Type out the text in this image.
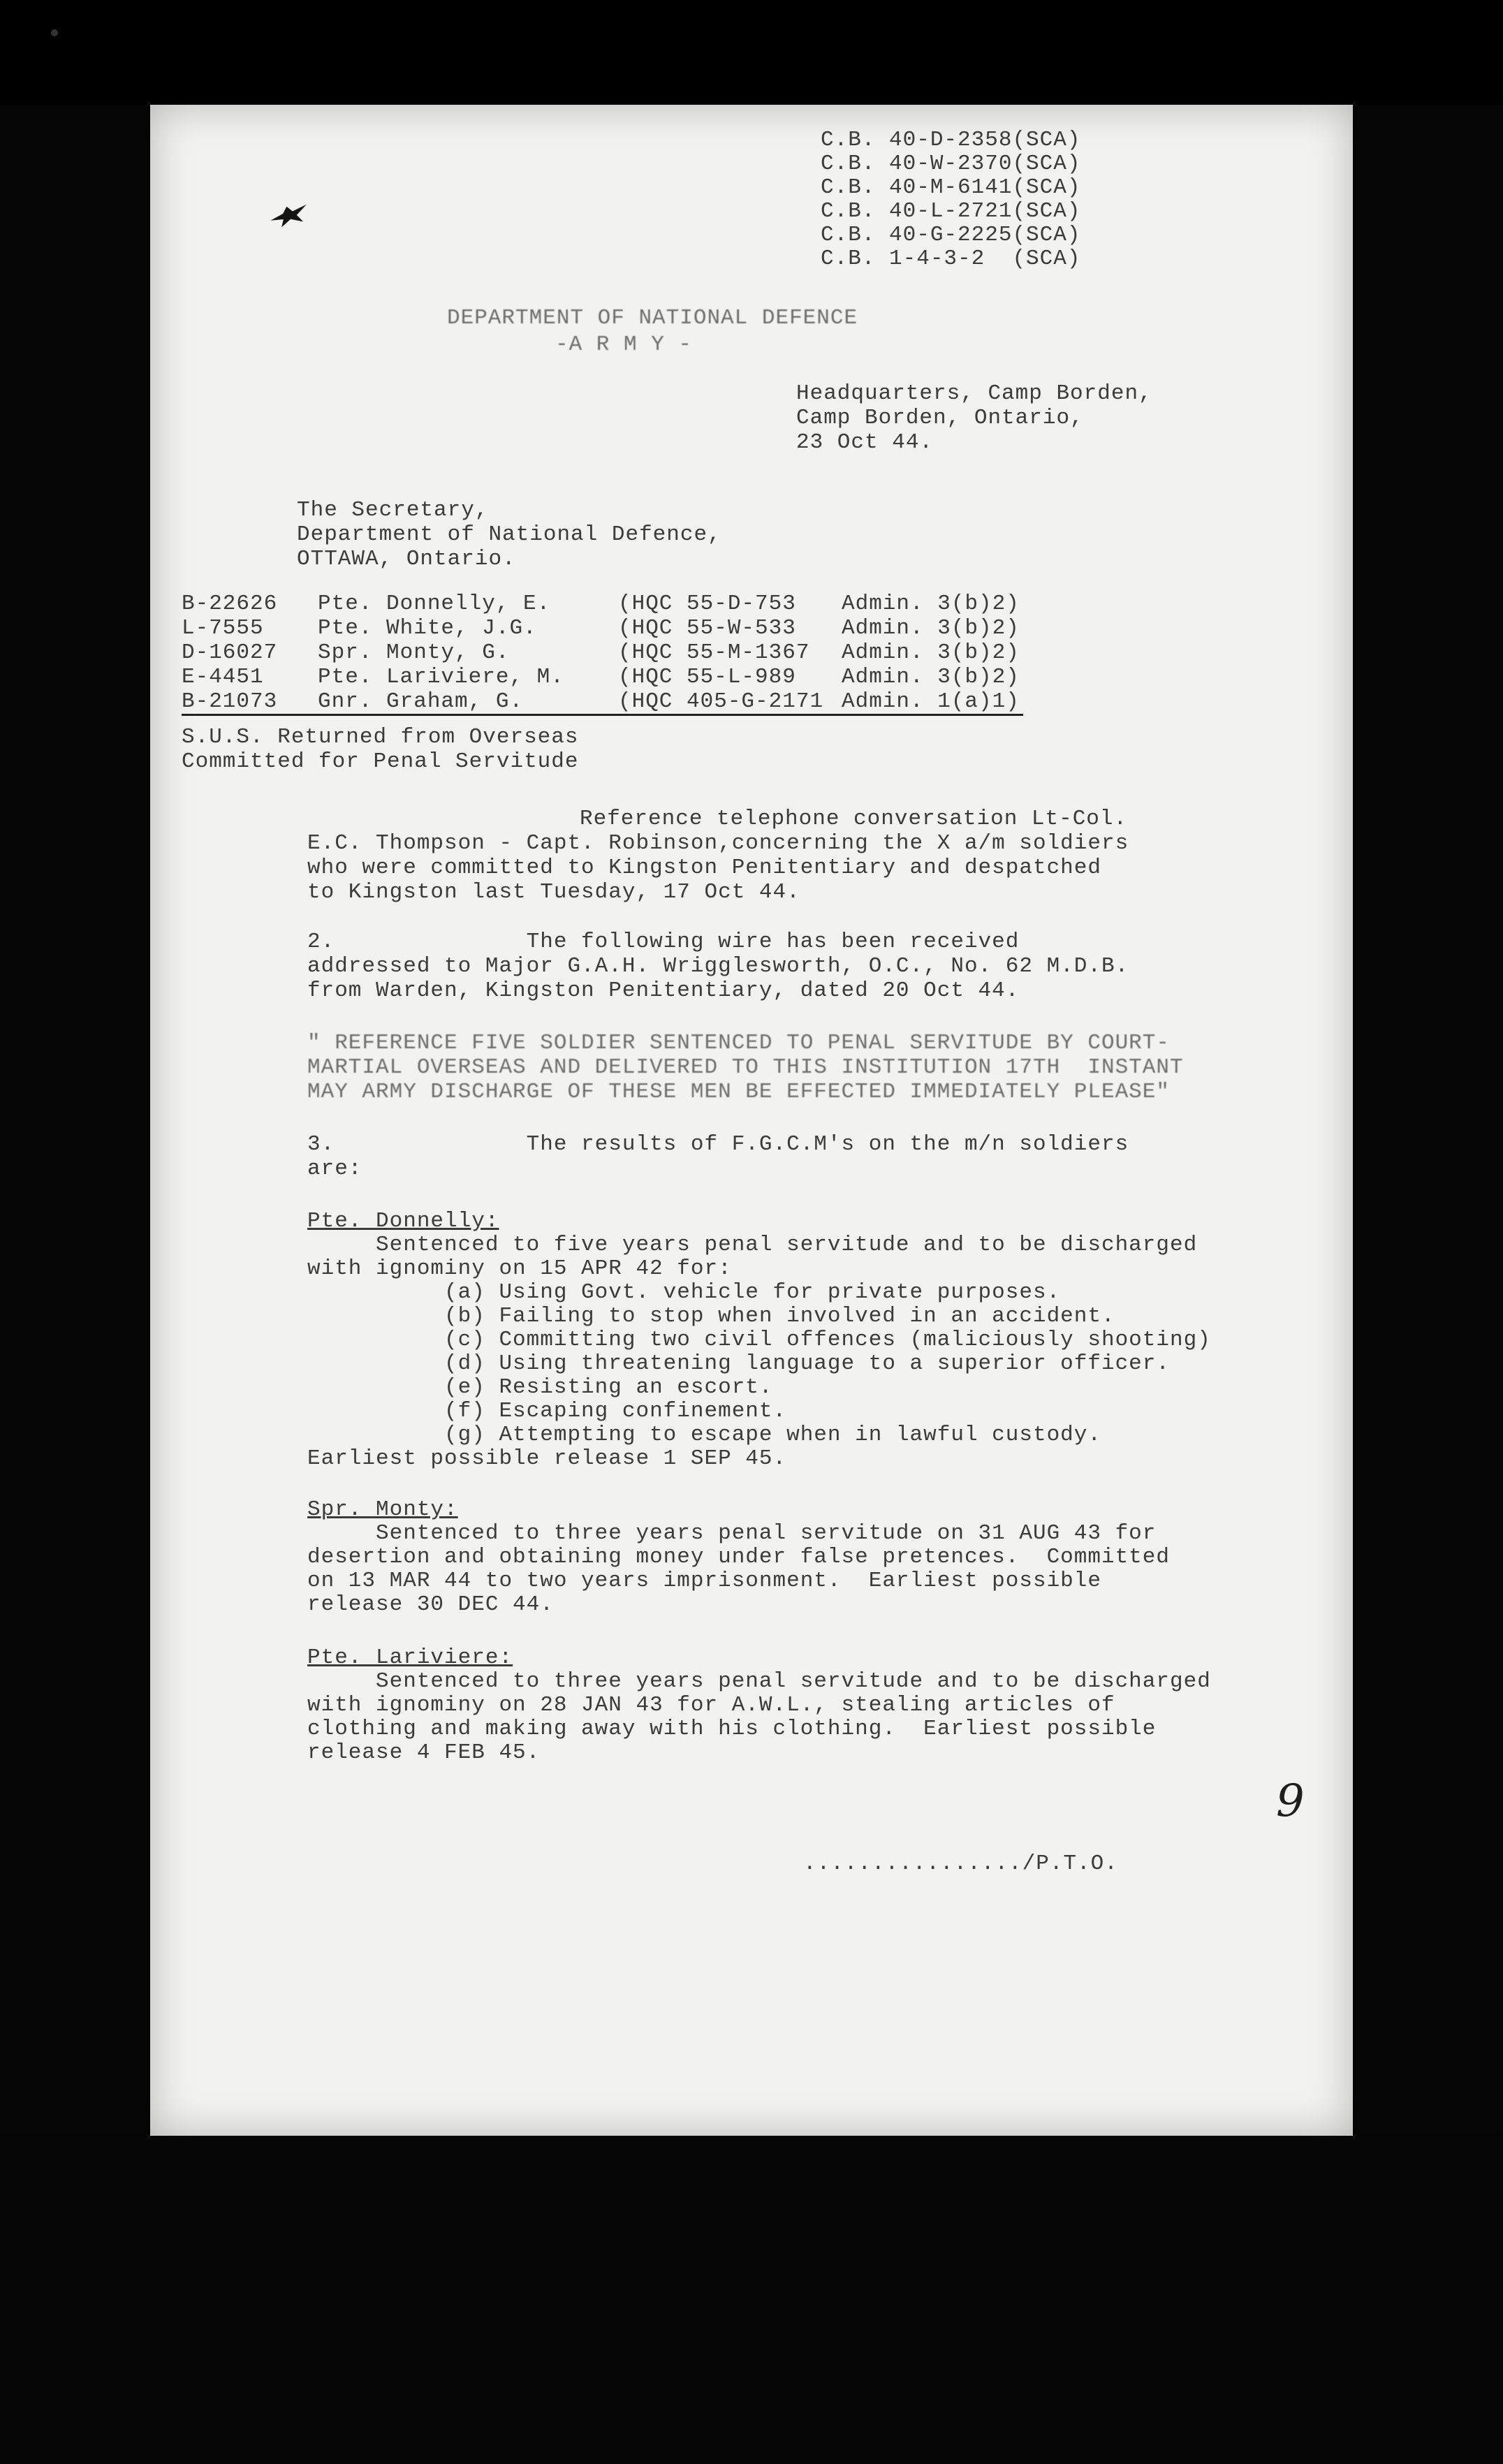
C.B. 40-D-2358(SCA)
C.B. 40-W-2370(SCA)
C.B. 40-M-6141(SCA)
C.B. 40-L-2721(SCA)
C.B. 40-G-2225(SCA)
C.B. 1-4-3-2  (SCA)
DEPARTMENT OF NATIONAL DEFENCE
-A R M Y -
Headquarters, Camp Borden,
Camp Borden, Ontario,
23 Oct 44.
The Secretary,
Department of National Defence,
OTTAWA, Ontario.
B-22626 Pte. Donnelly, E.	(HQC 55-D-753 Admin. 3(b)2)
L-7555 Pte. White, J.G.	(HQC 55-W-533 Admin. 3(b)2)
D-16027 Spr. Monty, G.	(HQC 55-M-1367 Admin. 3(b)2)
E-4451 Pte. Lariviere, M. (HQC 55-L-989 Admin. 3(b)2)
B-21073 Gnr. Graham, G.	(HQC 405-G-2171 Admin. 1(a)1)
S.U.S. Returned from Overseas
Committed for Penal Servitude
Reference telephone conversation Lt-Col.
E.C. Thompson - Capt. Robinson,concerning the X a/m soldiers
who were committed to Kingston Penitentiary and despatched
to Kingston last Tuesday, 17 Oct 44.
2.              The following wire has been received
addressed to Major G.A.H. Wrigglesworth, O.C., No. 62 M.D.B.
from Warden, Kingston Penitentiary, dated 20 Oct 44.
" REFERENCE FIVE SOLDIER SENTENCED TO PENAL SERVITUDE BY COURT-
MARTIAL OVERSEAS AND DELIVERED TO THIS INSTITUTION 17TH  INSTANT
MAY ARMY DISCHARGE OF THESE MEN BE EFFECTED IMMEDIATELY PLEASE"
3.              The results of F.G.C.M's on the m/n soldiers
are:
Pte. Donnelly:
Sentenced to five years penal servitude and to be discharged
with ignominy on 15 APR 42 for:
(a) Using Govt. vehicle for private purposes.
(b) Failing to stop when involved in an accident.
(c) Committing two civil offences (maliciously shooting)
(d) Using threatening language to a superior officer.
(e) Resisting an escort.
(f) Escaping confinement.
(g) Attempting to escape when in lawful custody.
Earliest possible release 1 SEP 45.
Spr. Monty:
Sentenced to three years penal servitude on 31 AUG 43 for
desertion and obtaining money under false pretences.  Committed
on 13 MAR 44 to two years imprisonment.  Earliest possible
release 30 DEC 44.
Pte. Lariviere:
Sentenced to three years penal servitude and to be discharged
with ignominy on 28 JAN 43 for A.W.L., stealing articles of
clothing and making away with his clothing.  Earliest possible
release 4 FEB 45.
................/P.T.O.
9
